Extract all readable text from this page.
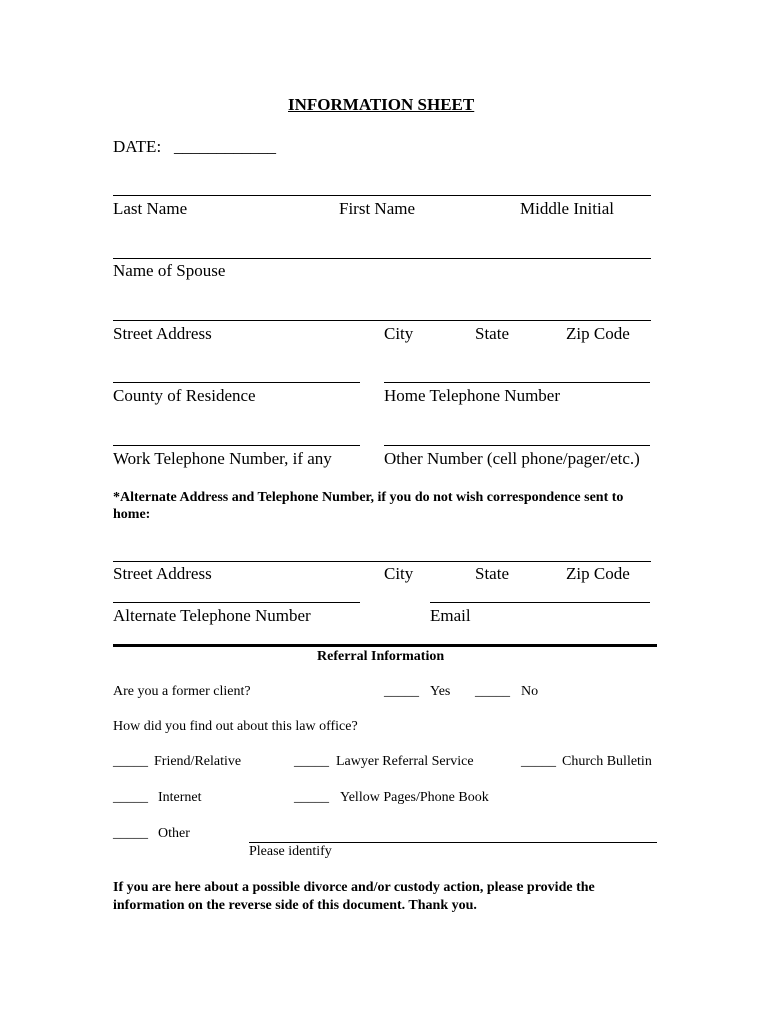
INFORMATION SHEET
DATE: ____________
Last Name	First Name	Middle Initial
Name of Spouse
Street Address	City	State	Zip Code
County of Residence	Home Telephone Number
Work Telephone Number, if any	Other Number (cell phone/pager/etc.)
*Alternate Address and Telephone Number, if you do not wish correspondence sent to home:
Street Address	City	State	Zip Code
Alternate Telephone Number	Email
Referral Information
Are you a former client?	_____ Yes _____ No
How did you find out about this law office?
_____ Friend/Relative	_____ Lawyer Referral Service	_____ Church Bulletin
_____ Internet	_____ Yellow Pages/Phone Book
_____ Other
Please identify
If you are here about a possible divorce and/or custody action, please provide the information on the reverse side of this document. Thank you.
